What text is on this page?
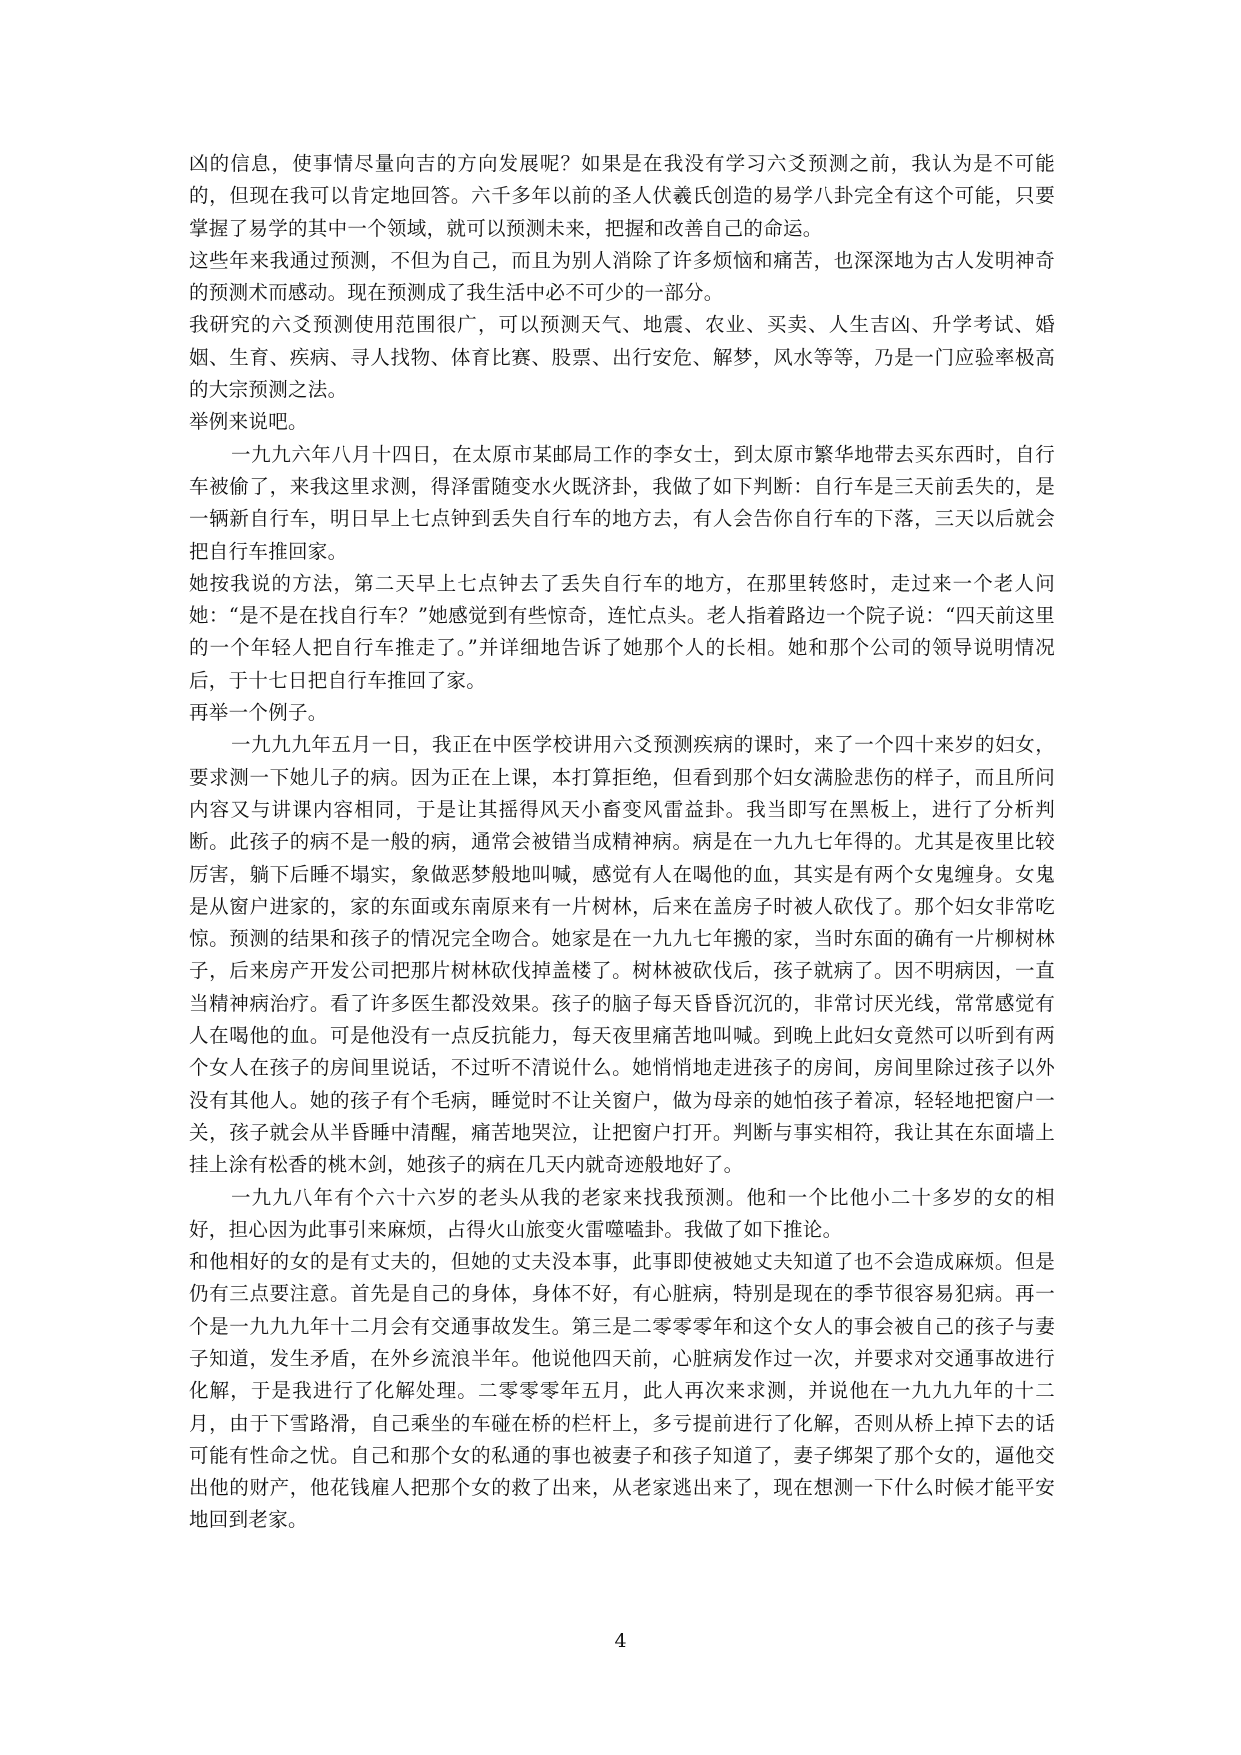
凶的信息，使事情尽量向吉的方向发展呢？如果是在我没有学习六爻预测之前，我认为是不可能的，但现在我可以肯定地回答。六千多年以前的圣人伏羲氏创造的易学八卦完全有这个可能，只要掌握了易学的其中一个领域，就可以预测未来，把握和改善自己的命运。

这些年来我通过预测，不但为自己，而且为别人消除了许多烦恼和痛苦，也深深地为古人发明神奇的预测术而感动。现在预测成了我生活中必不可少的一部分。

我研究的六爻预测使用范围很广，可以预测天气、地震、农业、买卖、人生吉凶、升学考试、婚姻、生育、疾病、寻人找物、体育比赛、股票、出行安危、解梦，风水等等，乃是一门应验率极高的大宗预测之法。

举例来说吧。

一九九六年八月十四日，在太原市某邮局工作的李女士，到太原市繁华地带去买东西时，自行车被偷了，来我这里求测，得泽雷随变水火既济卦，我做了如下判断：自行车是三天前丢失的，是一辆新自行车，明日早上七点钟到丢失自行车的地方去，有人会告你自行车的下落，三天以后就会把自行车推回家。

她按我说的方法，第二天早上七点钟去了丢失自行车的地方，在那里转悠时，走过来一个老人问她：“是不是在找自行车？”她感觉到有些惊奇，连忙点头。老人指着路边一个院子说：“四天前这里的一个年轻人把自行车推走了。”并详细地告诉了她那个人的长相。她和那个公司的领导说明情况后，于十七日把自行车推回了家。

再举一个例子。

一九九九年五月一日，我正在中医学校讲用六爻预测疾病的课时，来了一个四十来岁的妇女，要求测一下她儿子的病。因为正在上课，本打算拒绝，但看到那个妇女满脸悲伤的样子，而且所问内容又与讲课内容相同，于是让其摇得风天小畜变风雷益卦。我当即写在黑板上，进行了分析判断。此孩子的病不是一般的病，通常会被错当成精神病。病是在一九九七年得的。尤其是夜里比较厉害，躺下后睡不塌实，象做恶梦般地叫喊，感觉有人在喝他的血，其实是有两个女鬼缠身。女鬼是从窗户进家的，家的东面或东南原来有一片树林，后来在盖房子时被人砍伐了。那个妇女非常吃惊。预测的结果和孩子的情况完全吻合。她家是在一九九七年搬的家，当时东面的确有一片柳树林子，后来房产开发公司把那片树林砍伐掉盖楼了。树林被砍伐后，孩子就病了。因不明病因，一直当精神病治疗。看了许多医生都没效果。孩子的脑子每天昏昏沉沉的，非常讨厌光线，常常感觉有人在喝他的血。可是他没有一点反抗能力，每天夜里痛苦地叫喊。到晚上此妇女竟然可以听到有两个女人在孩子的房间里说话，不过听不清说什么。她悄悄地走进孩子的房间，房间里除过孩子以外没有其他人。她的孩子有个毛病，睡觉时不让关窗户，做为母亲的她怕孩子着凉，轻轻地把窗户一关，孩子就会从半昏睡中清醒，痛苦地哭泣，让把窗户打开。判断与事实相符，我让其在东面墙上挂上涂有松香的桃木剑，她孩子的病在几天内就奇迹般地好了。

一九九八年有个六十六岁的老头从我的老家来找我预测。他和一个比他小二十多岁的女的相好，担心因为此事引来麻烦，占得火山旅变火雷噬嗑卦。我做了如下推论。

和他相好的女的是有丈夫的，但她的丈夫没本事，此事即使被她丈夫知道了也不会造成麻烦。但是仍有三点要注意。首先是自己的身体，身体不好，有心脏病，特别是现在的季节很容易犯病。再一个是一九九九年十二月会有交通事故发生。第三是二零零零年和这个女人的事会被自己的孩子与妻子知道，发生矛盾，在外乡流浪半年。他说他四天前，心脏病发作过一次，并要求对交通事故进行化解，于是我进行了化解处理。二零零零年五月，此人再次来求测，并说他在一九九九年的十二月，由于下雪路滑，自己乘坐的车碰在桥的栏杆上，多亏提前进行了化解，否则从桥上掉下去的话可能有性命之忧。自己和那个女的私通的事也被妻子和孩子知道了，妻子绑架了那个女的，逼他交出他的财产，他花钱雇人把那个女的救了出来，从老家逃出来了，现在想测一下什么时候才能平安地回到老家。

4
